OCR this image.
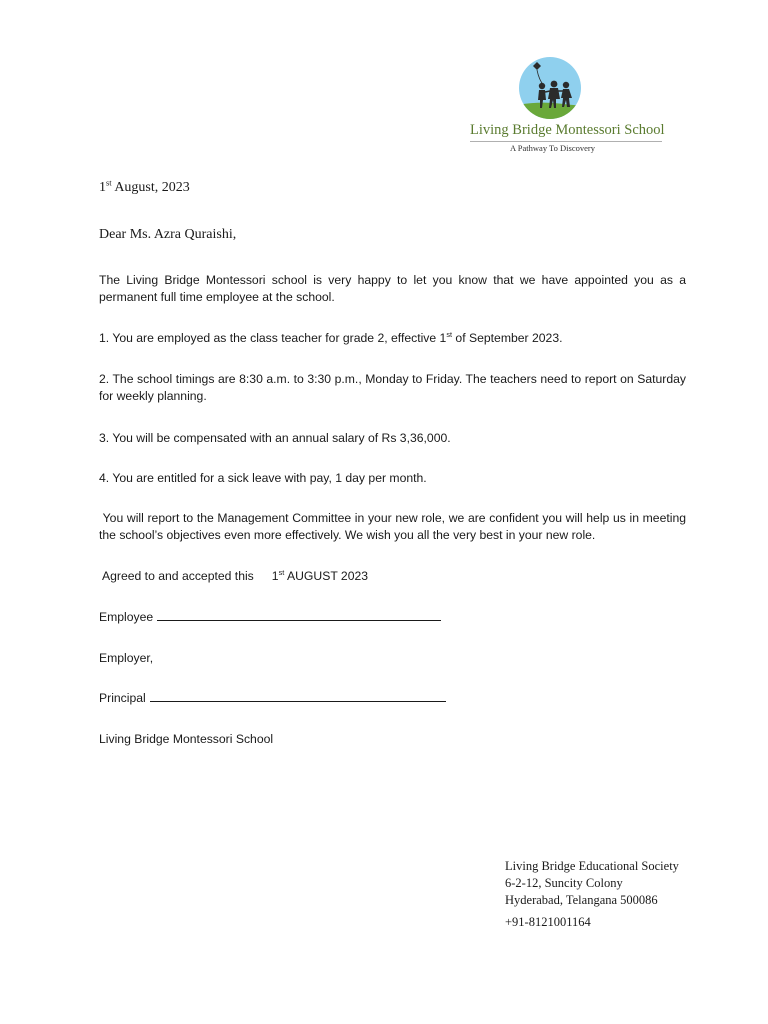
Living Bridge Montessori School
A Pathway To Discovery
1st August, 2023
Dear Ms. Azra Quraishi,
The Living Bridge Montessori school is very happy to let you know that we have appointed you as a permanent full time employee at the school.
1. You are employed as the class teacher for grade 2, effective 1st of September 2023.
2. The school timings are 8:30 a.m. to 3:30 p.m., Monday to Friday. The teachers need to report on Saturday for weekly planning.
3. You will be compensated with an annual salary of Rs 3,36,000.
4. You are entitled for a sick leave with pay, 1 day per month.
You will report to the Management Committee in your new role, we are confident you will help us in meeting the school’s objectives even more effectively. We wish you all the very best in your new role.
Agreed to and accepted this 1st AUGUST 2023
Employee
Employer,
Principal
Living Bridge Montessori School
Living Bridge Educational Society
6-2-12, Suncity Colony
Hyderabad, Telangana 500086
+91-8121001164
